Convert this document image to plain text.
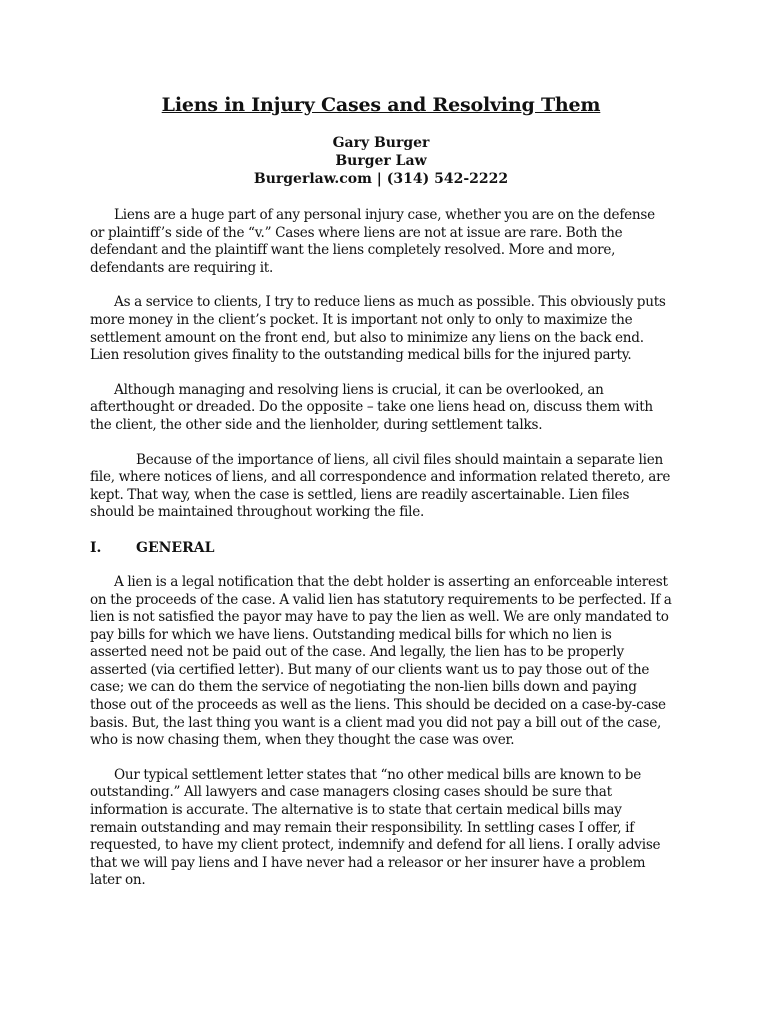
Liens in Injury Cases and Resolving Them
Gary Burger
Burger Law
Burgerlaw.com | (314) 542-2222

Liens are a huge part of any personal injury case, whether you are on the defense or plaintiff’s side of the “v.” Cases where liens are not at issue are rare. Both the defendant and the plaintiff want the liens completely resolved. More and more, defendants are requiring it.

As a service to clients, I try to reduce liens as much as possible. This obviously puts more money in the client’s pocket. It is important not only to only to maximize the settlement amount on the front end, but also to minimize any liens on the back end. Lien resolution gives finality to the outstanding medical bills for the injured party.

Although managing and resolving liens is crucial, it can be overlooked, an afterthought or dreaded. Do the opposite – take one liens head on, discuss them with the client, the other side and the lienholder, during settlement talks.

Because of the importance of liens, all civil files should maintain a separate lien file, where notices of liens, and all correspondence and information related thereto, are kept. That way, when the case is settled, liens are readily ascertainable. Lien files should be maintained throughout working the file.

I.	GENERAL

A lien is a legal notification that the debt holder is asserting an enforceable interest on the proceeds of the case. A valid lien has statutory requirements to be perfected. If a lien is not satisfied the payor may have to pay the lien as well. We are only mandated to pay bills for which we have liens. Outstanding medical bills for which no lien is asserted need not be paid out of the case. And legally, the lien has to be properly asserted (via certified letter). But many of our clients want us to pay those out of the case; we can do them the service of negotiating the non-lien bills down and paying those out of the proceeds as well as the liens. This should be decided on a case-by-case basis. But, the last thing you want is a client mad you did not pay a bill out of the case, who is now chasing them, when they thought the case was over.

Our typical settlement letter states that “no other medical bills are known to be outstanding.” All lawyers and case managers closing cases should be sure that information is accurate. The alternative is to state that certain medical bills may remain outstanding and may remain their responsibility. In settling cases I offer, if requested, to have my client protect, indemnify and defend for all liens. I orally advise that we will pay liens and I have never had a releasor or her insurer have a problem later on.
